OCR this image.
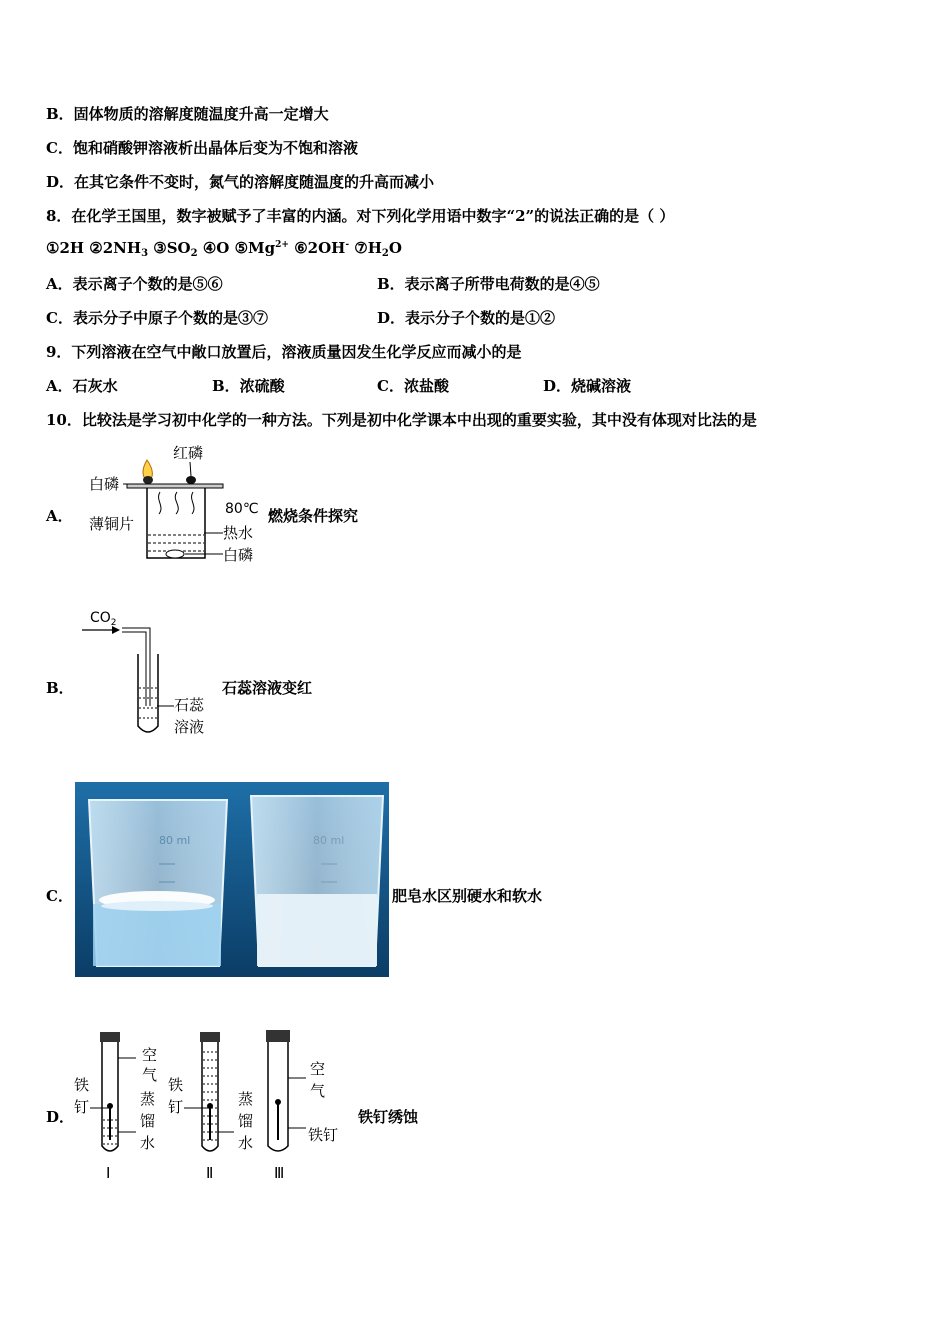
B．固体物质的溶解度随温度升高一定增大
C．饱和硝酸钾溶液析出晶体后变为不饱和溶液
D．在其它条件不变时，氮气的溶解度随温度的升高而减小
8．在化学王国里，数字被赋予了丰富的内涵。对下列化学用语中数字“2”的说法正确的是（ ）
①2H $②2NH_3$ $③SO_2$ ④O $⑤Mg^{2+}$ ⑥2OH- $⑦H_2O$
A．表示离子个数的是⑤⑥	B．表示离子所带电荷数的是④⑤
C．表示分子中原子个数的是③⑦	D．表示分子个数的是①②
9．下列溶液在空气中敞口放置后，溶液质量因发生化学反应而减小的是
A．石灰水	B．浓硫酸	C．浓盐酸	D．烧碱溶液
10．比较法是学习初中化学的一种方法。下列是初中化学课本中出现的重要实验，其中没有体现对比法的是
A．
红磷
白磷
80℃
薄铜片	热水
白磷
燃烧条件探究
B．
$CO_2$
石蕊
溶液
石蕊溶液变红
C．
80 ml	80 ml
肥皂水区别硬水和软水
D．
铁
钉
空
气
蒸
馏
水
Ⅰ
铁
钉	蒸
馏
水
Ⅱ
空
气
铁钉
Ⅲ
铁钉绣蚀
